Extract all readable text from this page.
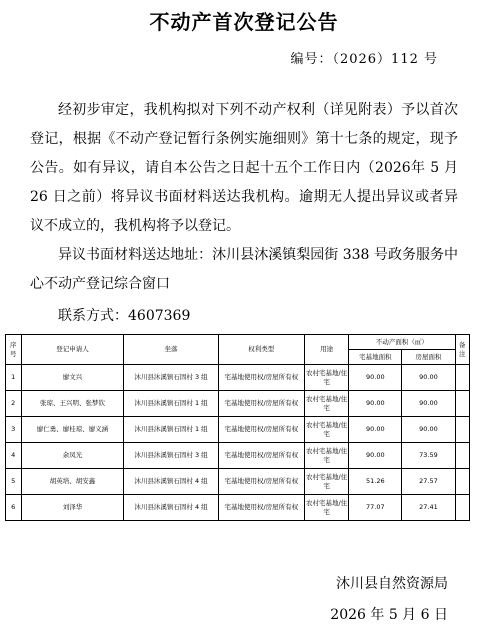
不动产首次登记公告
编号：（2026）112 号

经初步审定，我机构拟对下列不动产权利（详见附表）予以首次登记，根据《不动产登记暂行条例实施细则》第十七条的规定，现予公告。如有异议，请自本公告之日起十五个工作日内（2026年 5 月 26 日之前）将异议书面材料送达我机构。逾期无人提出异议或者异议不成立的，我机构将予以登记。

异议书面材料送达地址：沐川县沐溪镇梨园街 338 号政务服务中心不动产登记综合窗口

联系方式：4607369
序号	登记申请人	坐落	权利类型	用途	不动产面积（㎡）		备注
					宅基地面积	房屋面积	
1	廖文兴	沐川县沐溪镇石固村 3 组	宅基地使用权/房屋所有权	农村宅基地/住宅	90.00	90.00	
2	张琼、王兴明、张梦钦	沐川县沐溪镇石固村 1 组	宅基地使用权/房屋所有权	农村宅基地/住宅	90.00	90.00	
3	廖仁勇、廖桂琼、廖义涵	沐川县沐溪镇石固村 1 组	宅基地使用权/房屋所有权	农村宅基地/住宅	90.00	90.00	
4	余凤光	沐川县沐溪镇石固村 3 组	宅基地使用权/房屋所有权	农村宅基地/住宅	90.00	73.59	
5	胡英培、胡安鑫	沐川县沐溪镇石固村 4 组	宅基地使用权/房屋所有权	农村宅基地/住宅	51.26	27.57	
6	刘泽华	沐川县沐溪镇石固村 4 组	宅基地使用权/房屋所有权	农村宅基地/住宅	77.07	27.41	
沐川县自然资源局
2026 年 5 月 6 日
